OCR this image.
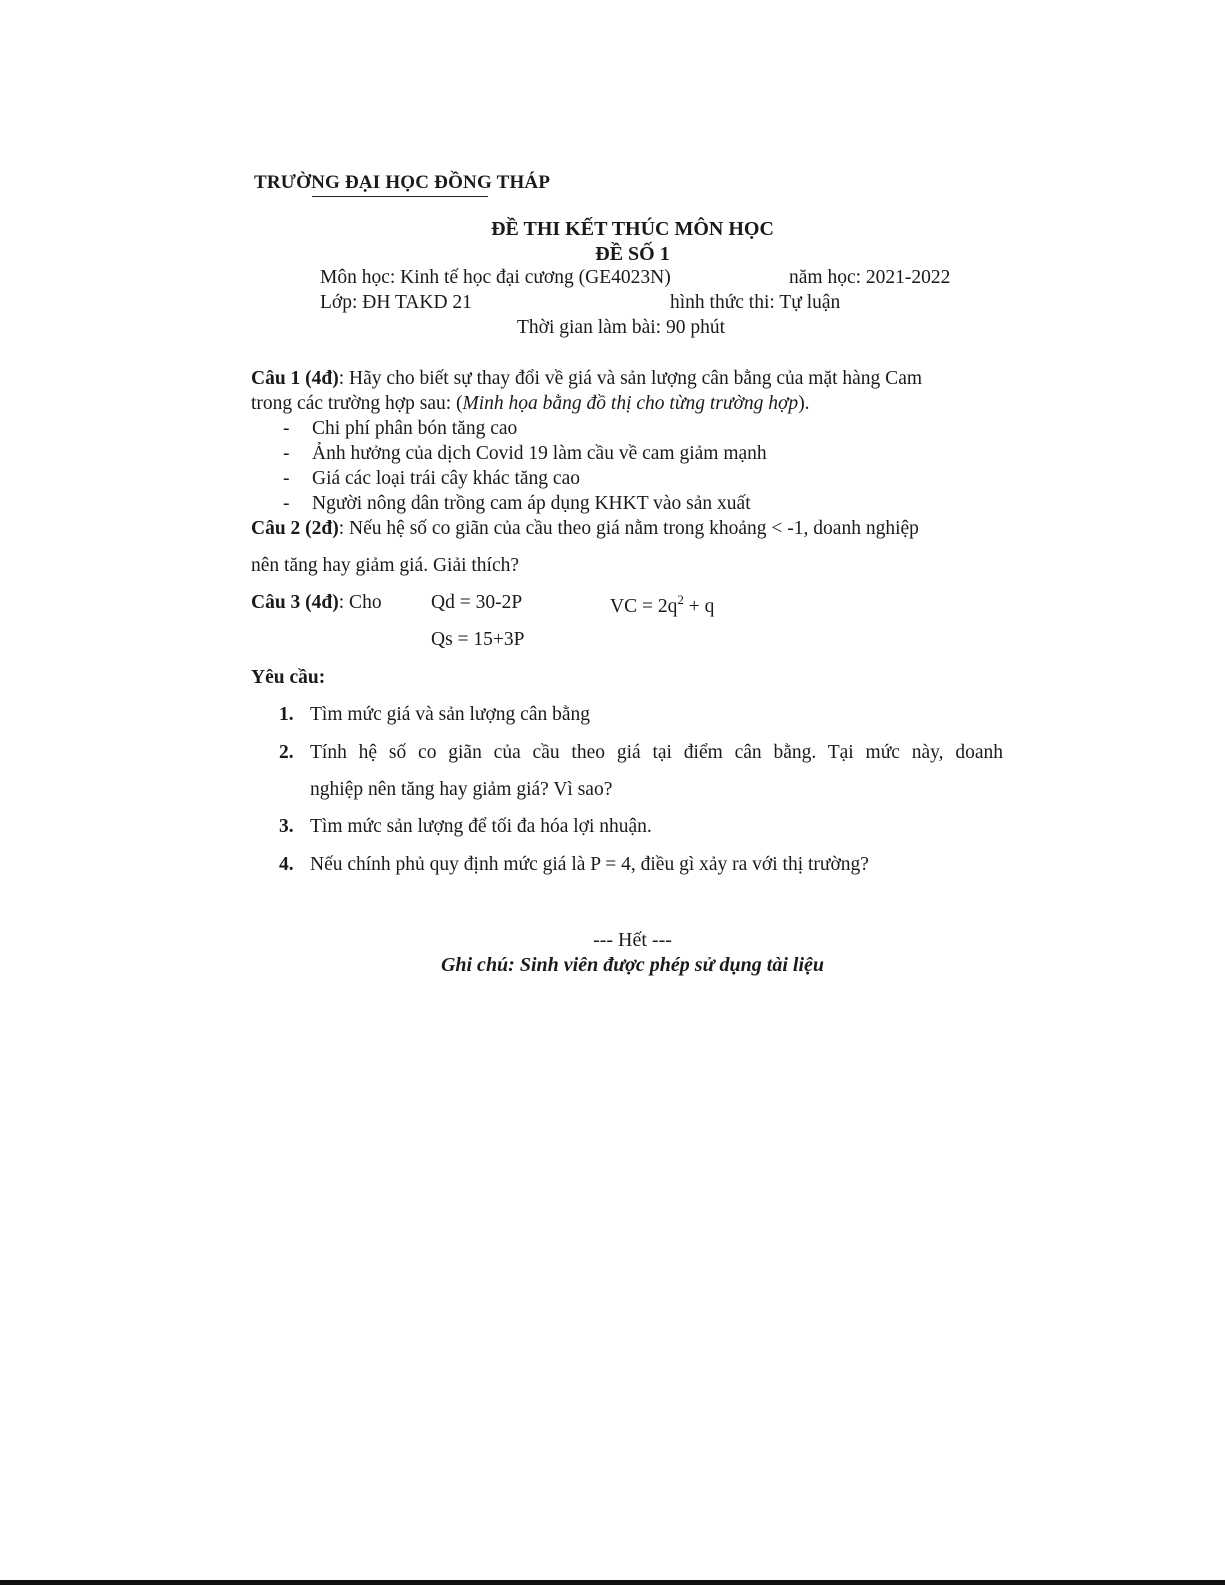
TRƯỜNG ĐẠI HỌC ĐỒNG THÁP
ĐỀ THI KẾT THÚC MÔN HỌC
ĐỀ SỐ 1
Môn học: Kinh tế học đại cương (GE4023N)	năm học: 2021-2022
Lớp: ĐH TAKD 21	hình thức thi: Tự luận
Thời gian làm bài: 90 phút
Câu 1 (4đ): Hãy cho biết sự thay đổi về giá và sản lượng cân bằng của mặt hàng Cam
trong các trường hợp sau: (Minh họa bằng đồ thị cho từng trường hợp).
- Chi phí phân bón tăng cao
- Ảnh hưởng của dịch Covid 19 làm cầu về cam giảm mạnh
- Giá các loại trái cây khác tăng cao
- Người nông dân trồng cam áp dụng KHKT vào sản xuất
Câu 2 (2đ): Nếu hệ số co giãn của cầu theo giá nằm trong khoảng < -1, doanh nghiệp
nên tăng hay giảm giá. Giải thích?
Câu 3 (4đ): Cho	Qd = 30-2P	VC = $2q^2 + q$
Qs = 15+3P
Yêu cầu:
1. Tìm mức giá và sản lượng cân bằng
2. Tính hệ số co giãn của cầu theo giá tại điểm cân bằng. Tại mức này, doanh
nghiệp nên tăng hay giảm giá? Vì sao?
3. Tìm mức sản lượng để tối đa hóa lợi nhuận.
4. Nếu chính phủ quy định mức giá là P = 4, điều gì xảy ra với thị trường?
--- Hết ---
Ghi chú: Sinh viên được phép sử dụng tài liệu
